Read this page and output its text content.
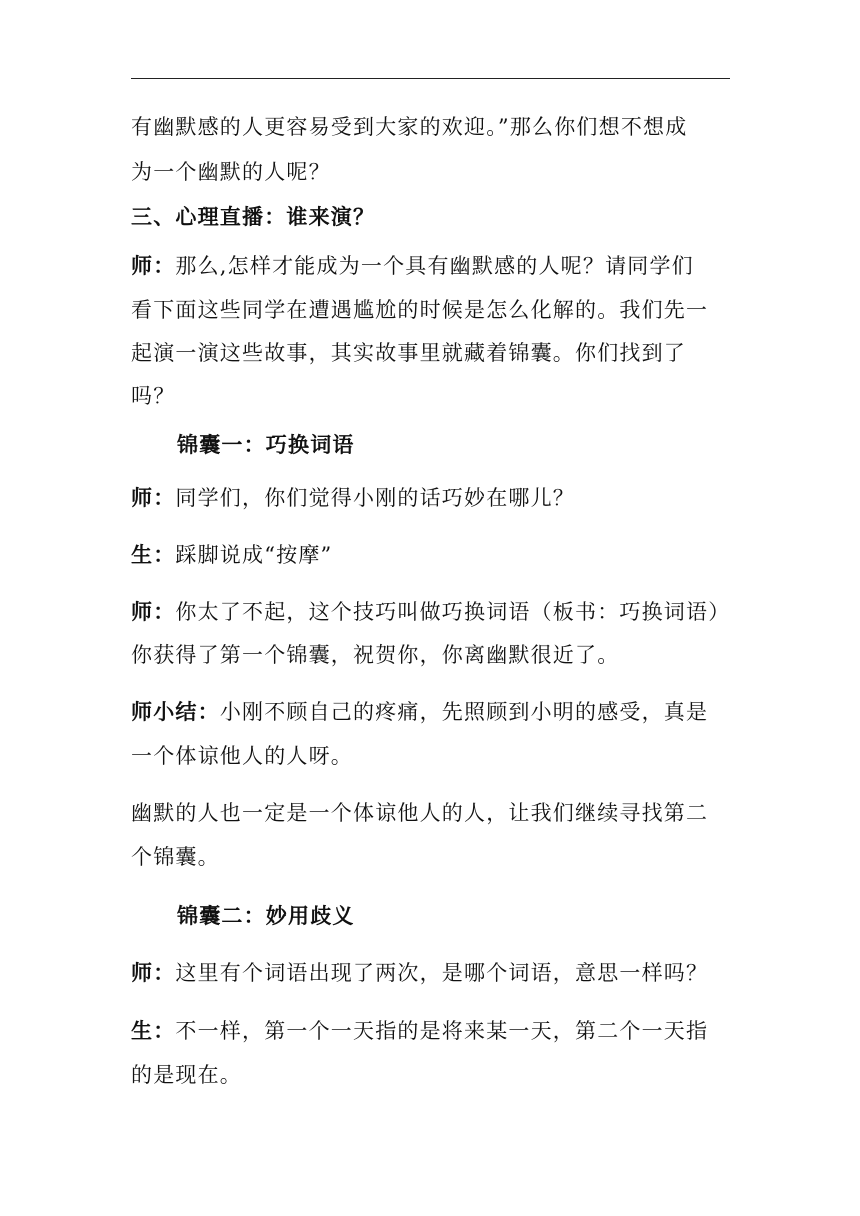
有幽默感的人更容易受到大家的欢迎。”那么你们想不想成
为一个幽默的人呢？
三、心理直播：谁来演？
师：那么,怎样才能成为一个具有幽默感的人呢？请同学们
看下面这些同学在遭遇尴尬的时候是怎么化解的。我们先一
起演一演这些故事，其实故事里就藏着锦囊。你们找到了
吗？
锦囊一：巧换词语
师：同学们，你们觉得小刚的话巧妙在哪儿？
生：踩脚说成“按摩”
师：你太了不起，这个技巧叫做巧换词语（板书：巧换词语）
你获得了第一个锦囊，祝贺你，你离幽默很近了。
师小结：小刚不顾自己的疼痛，先照顾到小明的感受，真是
一个体谅他人的人呀。
幽默的人也一定是一个体谅他人的人，让我们继续寻找第二
个锦囊。
锦囊二：妙用歧义
师：这里有个词语出现了两次，是哪个词语，意思一样吗？
生：不一样，第一个一天指的是将来某一天，第二个一天指
的是现在。
